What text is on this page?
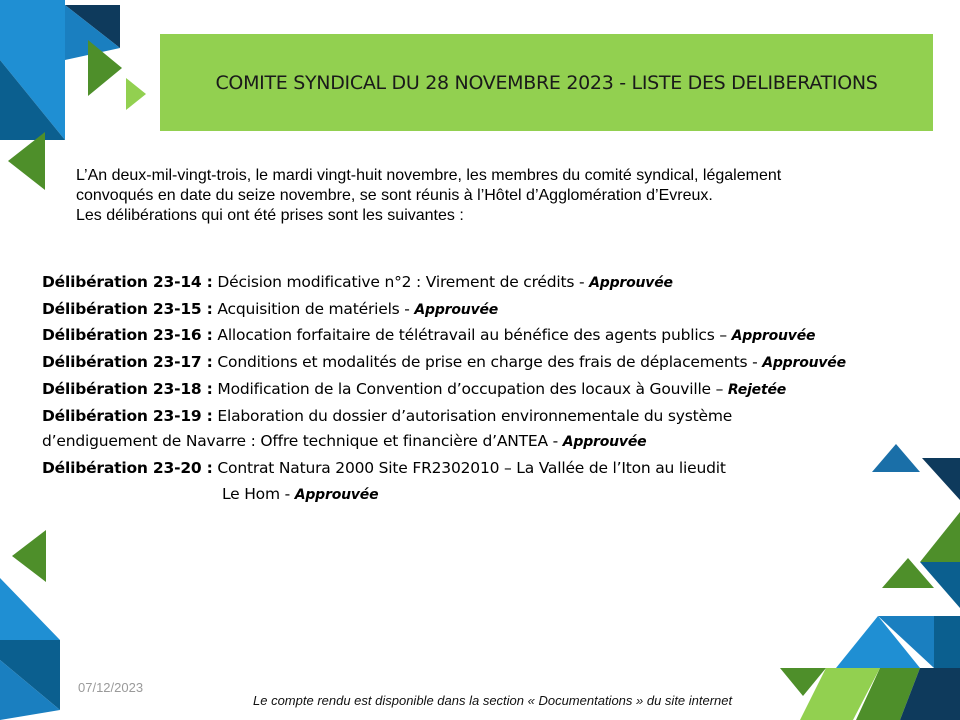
COMITE SYNDICAL DU 28 NOVEMBRE 2023 - LISTE DES DELIBERATIONS

L’An deux-mil-vingt-trois, le mardi vingt-huit novembre, les membres du comité syndical, légalement

convoqués en date du seize novembre, se sont réunis à l’Hôtel d’Agglomération d’Evreux.

Les délibérations qui ont été prises sont les suivantes :

Délibération 23-14 : Décision modificative n°2 : Virement de crédits - Approuvée
Délibération 23-15 : Acquisition de matériels - Approuvée
Délibération 23-16 : Allocation forfaitaire de télétravail au bénéfice des agents publics – Approuvée
Délibération 23-17 : Conditions et modalités de prise en charge des frais de déplacements - Approuvée
Délibération 23-18 : Modification de la Convention d’occupation des locaux à Gouville – Rejetée
Délibération 23-19 : Elaboration du dossier d’autorisation environnementale du système
d’endiguement de Navarre : Offre technique et financière d’ANTEA - Approuvée
Délibération 23-20 : Contrat Natura 2000 Site FR2302010 – La Vallée de l’Iton au lieudit
Le Hom - Approuvée
07/12/2023
Le compte rendu est disponible dans la section « Documentations » du site internet
